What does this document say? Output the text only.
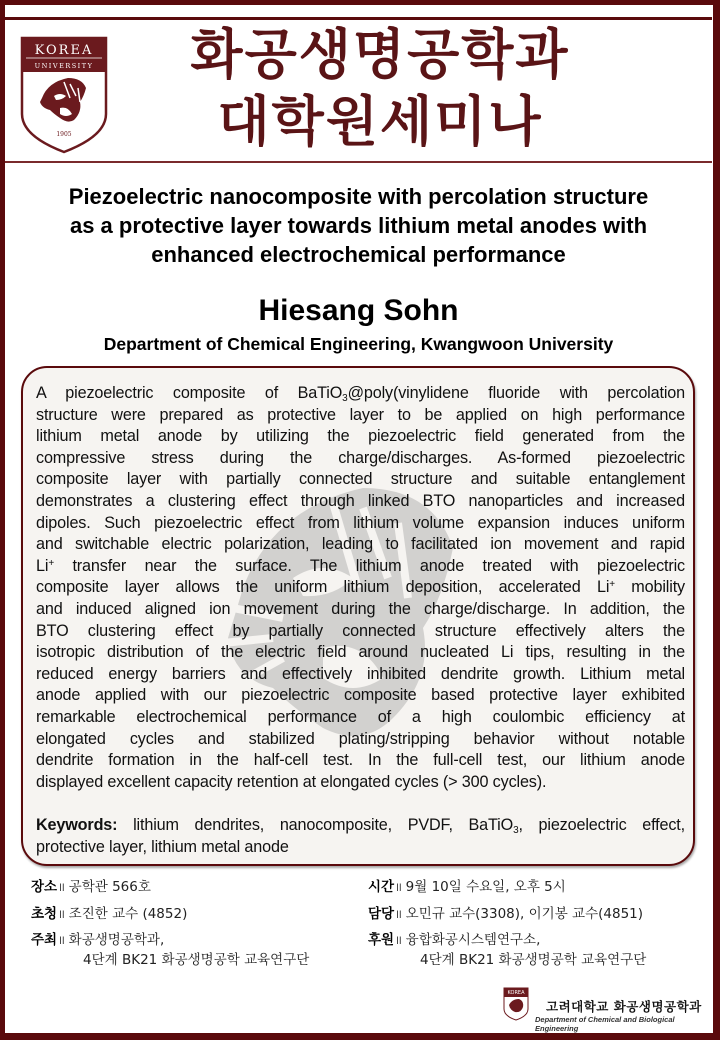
KOREA
UNIVERSITY
1905
화공생명공학과
대학원세미나
Piezoelectric nanocomposite with percolation structure
as a protective layer towards lithium metal anodes with
enhanced electrochemical performance
Hiesang Sohn
Department of Chemical Engineering, Kwangwoon University
A piezoelectric composite of BaTiO$_3$@poly(vinylidene fluoride with percolation
structure were prepared as protective layer to be applied on high performance
lithium metal anode by utilizing the piezoelectric field generated from the
compressive stress during the charge/discharges. As-formed piezoelectric
composite layer with partially connected structure and suitable entanglement
demonstrates a clustering effect through linked BTO nanoparticles and increased
dipoles. Such piezoelectric effect from lithium volume expansion induces uniform
and switchable electric polarization, leading to facilitated ion movement and rapid
Li+ transfer near the surface. The lithium anode treated with piezoelectric
composite layer allows the uniform lithium deposition, accelerated Li+ mobility
and induced aligned ion movement during the charge/discharge. In addition, the
BTO clustering effect by partially connected structure effectively alters the
isotropic distribution of the electric field around nucleated Li tips, resulting in the
reduced energy barriers and effectively inhibited dendrite growth. Lithium metal
anode applied with our piezoelectric composite based protective layer exhibited
remarkable electrochemical performance of a high coulombic efficiency at
elongated cycles and stabilized plating/stripping behavior without notable
dendrite formation in the half-cell test. In the full-cell test, our lithium anode
displayed excellent capacity retention at elongated cycles (> 300 cycles).
Keywords: lithium dendrites, nanocomposite, PVDF, BaTiO$_3$, piezoelectric effect,
protective layer, lithium metal anode
장소 ll 공학관 566호
초청 ll 조진한 교수 (4852)
주최 ll 화공생명공학과,
4단계 BK21 화공생명공학 교육연구단
시간 ll 9월 10일 수요일, 오후 5시
담당 ll 오민규 교수(3308), 이기봉 교수(4851)
후원 ll 융합화공시스템연구소,
4단계 BK21 화공생명공학 교육연구단
KOREA
고려대학교 화공생명공학과
Department of Chemical and Biological Engineering
